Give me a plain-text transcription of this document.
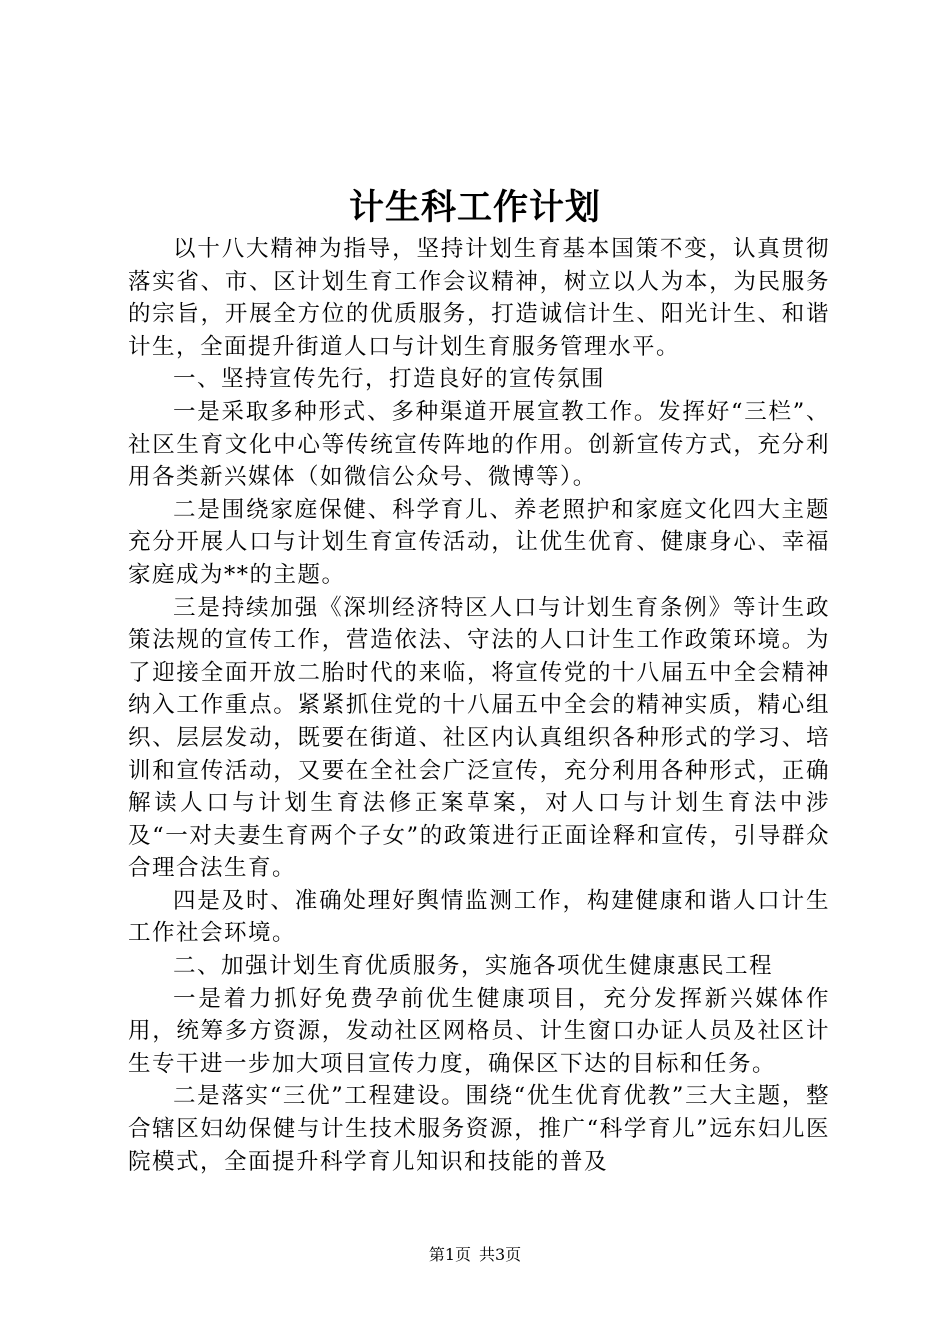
计生科工作计划

以十八大精神为指导，坚持计划生育基本国策不变，认真贯彻落实省、市、区计划生育工作会议精神，树立以人为本，为民服务的宗旨，开展全方位的优质服务，打造诚信计生、阳光计生、和谐计生，全面提升街道人口与计划生育服务管理水平。

一、坚持宣传先行，打造良好的宣传氛围

一是采取多种形式、多种渠道开展宣教工作。发挥好“三栏”、社区生育文化中心等传统宣传阵地的作用。创新宣传方式，充分利用各类新兴媒体（如微信公众号、微博等）。

二是围绕家庭保健、科学育儿、养老照护和家庭文化四大主题充分开展人口与计划生育宣传活动，让优生优育、健康身心、幸福家庭成为**的主题。

三是持续加强《深圳经济特区人口与计划生育条例》等计生政策法规的宣传工作，营造依法、守法的人口计生工作政策环境。为了迎接全面开放二胎时代的来临，将宣传党的十八届五中全会精神纳入工作重点。紧紧抓住党的十八届五中全会的精神实质，精心组织、层层发动，既要在街道、社区内认真组织各种形式的学习、培训和宣传活动，又要在全社会广泛宣传，充分利用各种形式，正确解读人口与计划生育法修正案草案，对人口与计划生育法中涉及“一对夫妻生育两个子女”的政策进行正面诠释和宣传，引导群众合理合法生育。

四是及时、准确处理好舆情监测工作，构建健康和谐人口计生工作社会环境。

二、加强计划生育优质服务，实施各项优生健康惠民工程

一是着力抓好免费孕前优生健康项目，充分发挥新兴媒体作用，统筹多方资源，发动社区网格员、计生窗口办证人员及社区计生专干进一步加大项目宣传力度，确保区下达的目标和任务。

二是落实“三优”工程建设。围绕“优生优育优教”三大主题，整合辖区妇幼保健与计生技术服务资源，推广“科学育儿”远东妇儿医院模式，全面提升科学育儿知识和技能的普及

第1页 共3页
